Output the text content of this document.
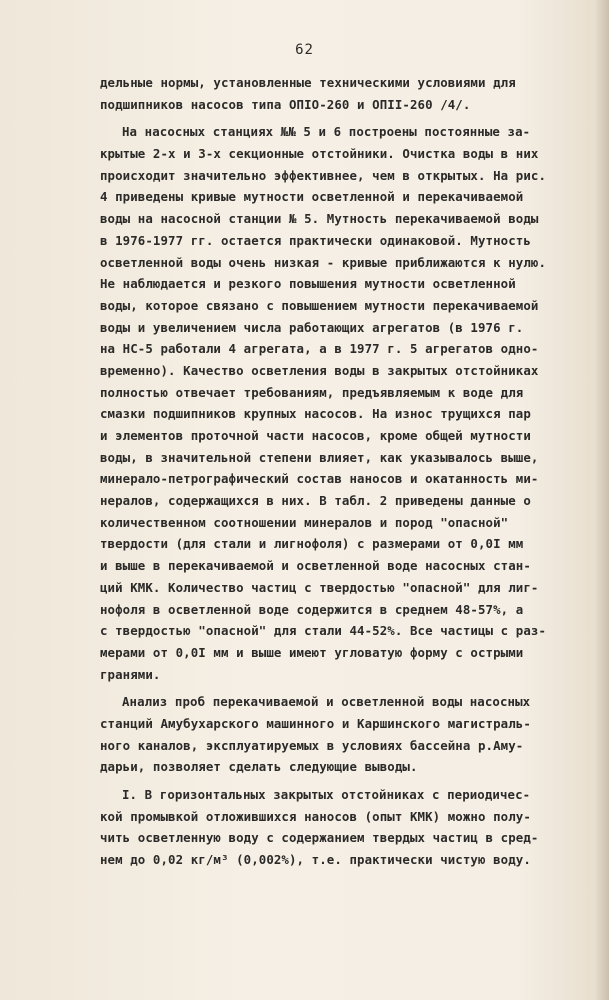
62
дельные нормы, установленные техническими условиями для
подшипников насосов типа ОПІО-260 и ОПІІ-260 /4/.
На насосных станциях №№ 5 и 6 построены постоянные за-
крытые 2-х и 3-х секционные отстойники. Очистка воды в них
происходит значительно эффективнее, чем в открытых. На рис.
4 приведены кривые мутности осветленной и перекачиваемой
воды на насосной станции № 5. Мутность перекачиваемой воды
в 1976-1977 гг. остается практически одинаковой. Мутность
осветленной воды очень низкая - кривые приближаются к нулю.
Не наблюдается и резкого повышения мутности осветленной
воды, которое связано с повышением мутности перекачиваемой
воды и увеличением числа работающих агрегатов (в 1976 г.
на НС-5 работали 4 агрегата, а в 1977 г. 5 агрегатов одно-
временно). Качество осветления воды в закрытых отстойниках
полностью отвечает требованиям, предъявляемым к воде для
смазки подшипников крупных насосов. На износ трущихся пар
и элементов проточной части насосов, кроме общей мутности
воды, в значительной степени влияет, как указывалось выше,
минерало-петрографический состав наносов и окатанность ми-
нералов, содержащихся в них. В табл. 2 приведены данные о
количественном соотношении минералов и пород "опасной"
твердости (для стали и лигнофоля) с размерами от 0,0І мм
и выше в перекачиваемой и осветленной воде насосных стан-
ций КМК. Количество частиц с твердостью "опасной" для лиг-
нофоля в осветленной воде содержится в среднем 48-57%, а
с твердостью "опасной" для стали 44-52%. Все частицы с раз-
мерами от 0,0І мм и выше имеют угловатую форму с острыми
гранями.
Анализ проб перекачиваемой и осветленной воды насосных
станций Амубухарского машинного и Каршинского магистраль-
ного каналов, эксплуатируемых в условиях бассейна р.Аму-
дарьи, позволяет сделать следующие выводы.
І. В горизонтальных закрытых отстойниках с периодичес-
кой промывкой отложившихся наносов (опыт КМК) можно полу-
чить осветленную воду с содержанием твердых частиц в сред-
нем до 0,02 кг/м³ (0,002%), т.е. практически чистую воду.
